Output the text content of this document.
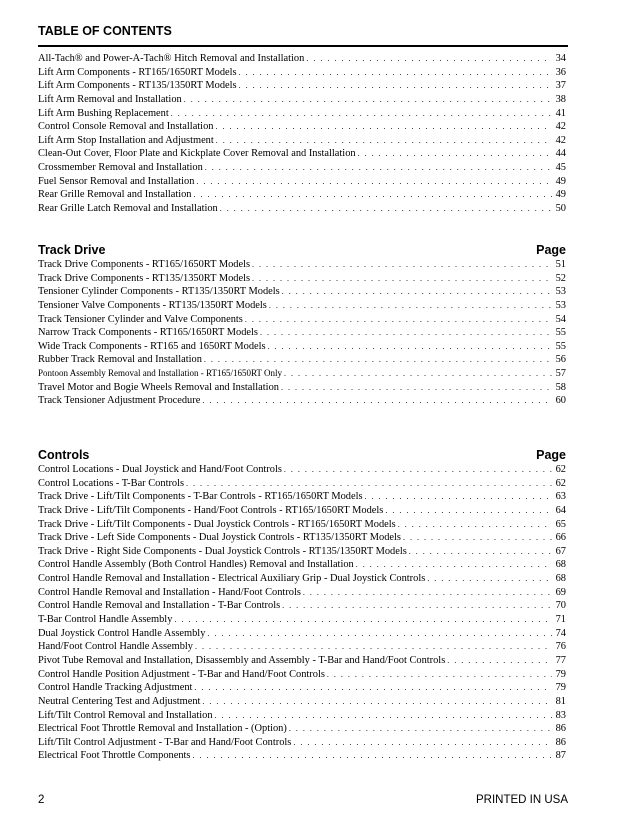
TABLE OF CONTENTS
All-Tach® and Power-A-Tach® Hitch Removal and Installation . . .	34
Lift Arm Components - RT165/1650RT Models . . .	36
Lift Arm Components - RT135/1350RT Models . . .	37
Lift Arm Removal and Installation . . .	38
Lift Arm Bushing Replacement . . .	41
Control Console Removal and Installation . . .	42
Lift Arm Stop Installation and Adjustment . . .	42
Clean-Out Cover, Floor Plate and Kickplate Cover Removal and Installation . . .	44
Crossmember Removal and Installation . . .	45
Fuel Sensor Removal and Installation . . .	49
Rear Grille Removal and Installation . . .	49
Rear Grille Latch Removal and Installation . . .	50
Track Drive	Page
Track Drive Components - RT165/1650RT Models . . .	51
Track Drive Components - RT135/1350RT Models . . .	52
Tensioner Cylinder Components - RT135/1350RT Models . . .	53
Tensioner Valve Components - RT135/1350RT Models . . .	53
Track Tensioner Cylinder and Valve Components . . .	54
Narrow Track Components - RT165/1650RT Models . . .	55
Wide Track Components - RT165 and 1650RT Models . . .	55
Rubber Track Removal and Installation . . .	56
Pontoon Assembly Removal and Installation - RT165/1650RT Only . . .	57
Travel Motor and Bogie Wheels Removal and Installation . . .	58
Track Tensioner Adjustment Procedure . . .	60
Controls	Page
Control Locations - Dual Joystick and Hand/Foot Controls . . .	62
Control Locations - T-Bar Controls . . .	62
Track Drive - Lift/Tilt Components - T-Bar Controls - RT165/1650RT Models . . .	63
Track Drive - Lift/Tilt Components - Hand/Foot Controls - RT165/1650RT Models . . .	64
Track Drive - Lift/Tilt Components - Dual Joystick Controls - RT165/1650RT Models . . .	65
Track Drive - Left Side Components - Dual Joystick Controls - RT135/1350RT Models . . .	66
Track Drive - Right Side Components - Dual Joystick Controls - RT135/1350RT Models . . .	67
Control Handle Assembly (Both Control Handles) Removal and Installation . . .	68
Control Handle Removal and Installation - Electrical Auxiliary Grip - Dual Joystick Controls . . .	68
Control Handle Removal and Installation - Hand/Foot Controls . . .	69
Control Handle Removal and Installation - T-Bar Controls . . .	70
T-Bar Control Handle Assembly . . .	71
Dual Joystick Control Handle Assembly . . .	74
Hand/Foot Control Handle Assembly . . .	76
Pivot Tube Removal and Installation, Disassembly and Assembly - T-Bar and Hand/Foot Controls . . .	77
Control Handle Position Adjustment - T-Bar and Hand/Foot Controls . . .	79
Control Handle Tracking Adjustment . . .	79
Neutral Centering Test and Adjustment . . .	81
Lift/Tilt Control Removal and Installation . . .	83
Electrical Foot Throttle Removal and Installation - (Option) . . .	86
Lift/Tilt Control Adjustment - T-Bar and Hand/Foot Controls . . .	86
Electrical Foot Throttle Components . . .	87
2	PRINTED IN USA
